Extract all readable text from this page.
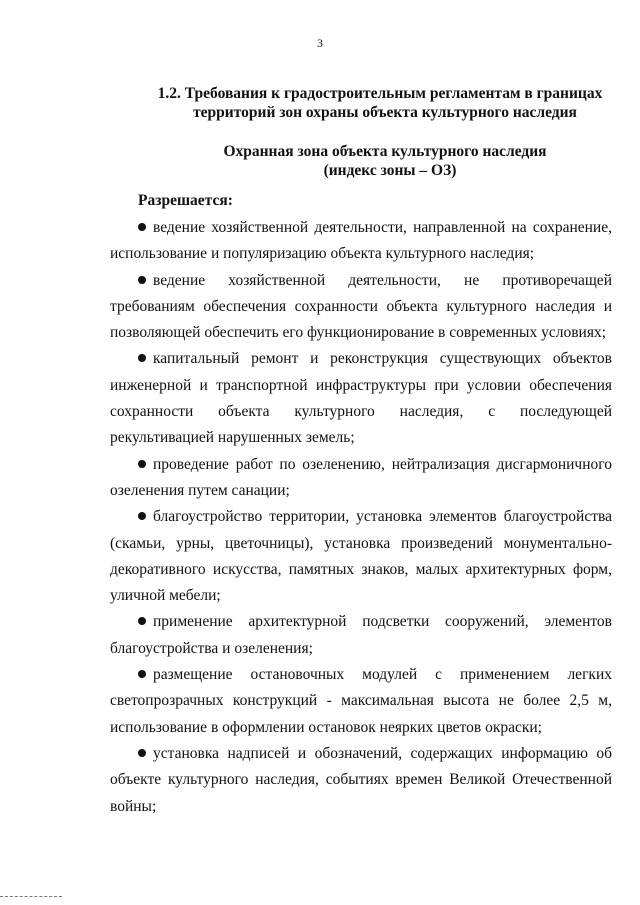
3
1.2. Требования к градостроительным регламентам в границах
территорий зон охраны объекта культурного наследия
Охранная зона объекта культурного наследия
(индекс зоны – ОЗ)
Разрешается:

ведение хозяйственной деятельности, направленной на сохранение, использование и популяризацию объекта культурного наследия;

ведение хозяйственной деятельности, не противоречащей требованиям обеспечения сохранности объекта культурного наследия и позволяющей обеспечить его функционирование в современных условиях;

капитальный ремонт и реконструкция существующих объектов инженерной и транспортной инфраструктуры при условии обеспечения сохранности объекта культурного наследия, с последующей рекультивацией нарушенных земель;

проведение работ по озеленению, нейтрализация дисгармоничного озеленения путем санации;

благоустройство территории, установка элементов благоустройства (скамьи, урны, цветочницы), установка произведений монументально-декоративного искусства, памятных знаков, малых архитектурных форм, уличной мебели;

применение архитектурной подсветки сооружений, элементов благоустройства и озеленения;

размещение остановочных модулей с применением легких светопрозрачных конструкций - максимальная высота не более 2,5 м, использование в оформлении остановок неярких цветов окраски;

установка надписей и обозначений, содержащих информацию об объекте культурного наследия, событиях времен Великой Отечественной войны;
